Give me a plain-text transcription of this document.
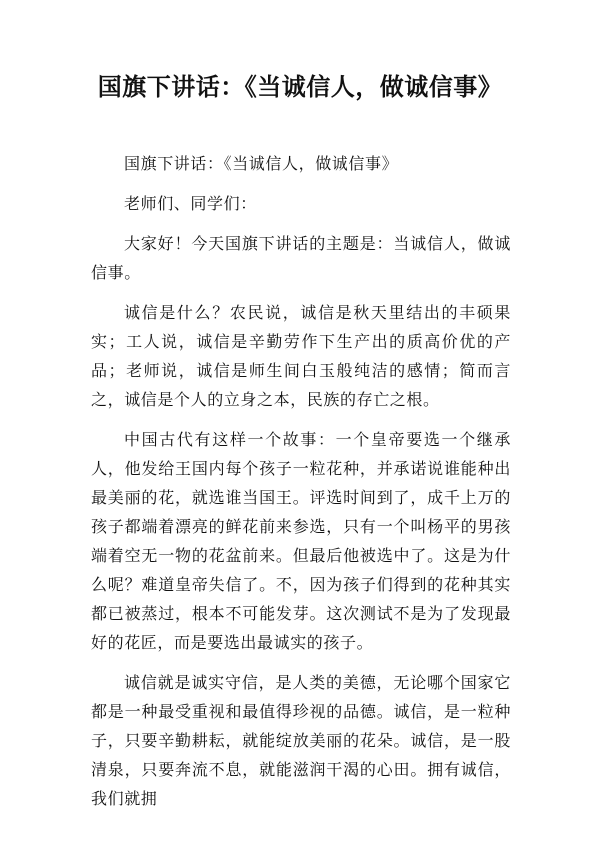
国旗下讲话：《当诚信人，做诚信事》

国旗下讲话：《当诚信人，做诚信事》

老师们、同学们：

大家好！今天国旗下讲话的主题是：当诚信人，做诚信事。

诚信是什么？农民说，诚信是秋天里结出的丰硕果实；工人说，诚信是辛勤劳作下生产出的质高价优的产品；老师说，诚信是师生间白玉般纯洁的感情；简而言之，诚信是个人的立身之本，民族的存亡之根。

中国古代有这样一个故事：一个皇帝要选一个继承人，他发给王国内每个孩子一粒花种，并承诺说谁能种出最美丽的花，就选谁当国王。评选时间到了，成千上万的孩子都端着漂亮的鲜花前来参选，只有一个叫杨平的男孩端着空无一物的花盆前来。但最后他被选中了。这是为什么呢？难道皇帝失信了。不，因为孩子们得到的花种其实都已被蒸过，根本不可能发芽。这次测试不是为了发现最好的花匠，而是要选出最诚实的孩子。

诚信就是诚实守信，是人类的美德，无论哪个国家它都是一种最受重视和最值得珍视的品德。诚信，是一粒种子，只要辛勤耕耘，就能绽放美丽的花朵。诚信，是一股清泉，只要奔流不息，就能滋润干渴的心田。拥有诚信，我们就拥
